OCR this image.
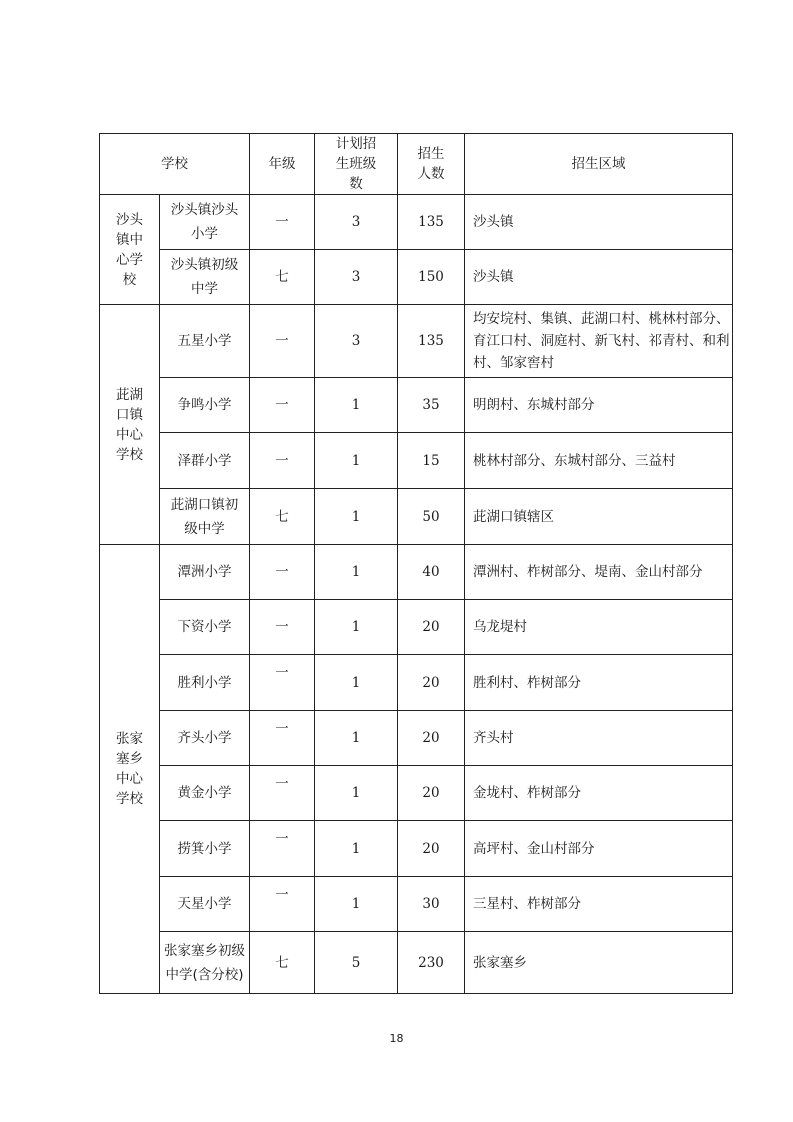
学校		年级	计划招生班级数	招生人数	招生区域
沙头镇中心学校	沙头镇沙头小学	一	3	135	沙头镇
	沙头镇初级中学	七	3	150	沙头镇
茈湖口镇中心学校	五星小学	一	3	135	均安垸村、集镇、茈湖口村、桃林村部分、育江口村、洞庭村、新飞村、祁青村、和利村、邹家窖村
	争鸣小学	一	1	35	明朗村、东城村部分
	泽群小学	一	1	15	桃林村部分、东城村部分、三益村
	茈湖口镇初级中学	七	1	50	茈湖口镇辖区
张家塞乡中心学校	潭洲小学	一	1	40	潭洲村、柞树部分、堤南、金山村部分
	下资小学	一	1	20	乌龙堤村
	胜利小学	一	1	20	胜利村、柞树部分
	齐头小学	一	1	20	齐头村
	黄金小学	一	1	20	金垅村、柞树部分
	捞箕小学	一	1	20	高坪村、金山村部分
	天星小学	一	1	30	三星村、柞树部分
	张家塞乡初级中学(含分校)	七	5	230	张家塞乡
18
